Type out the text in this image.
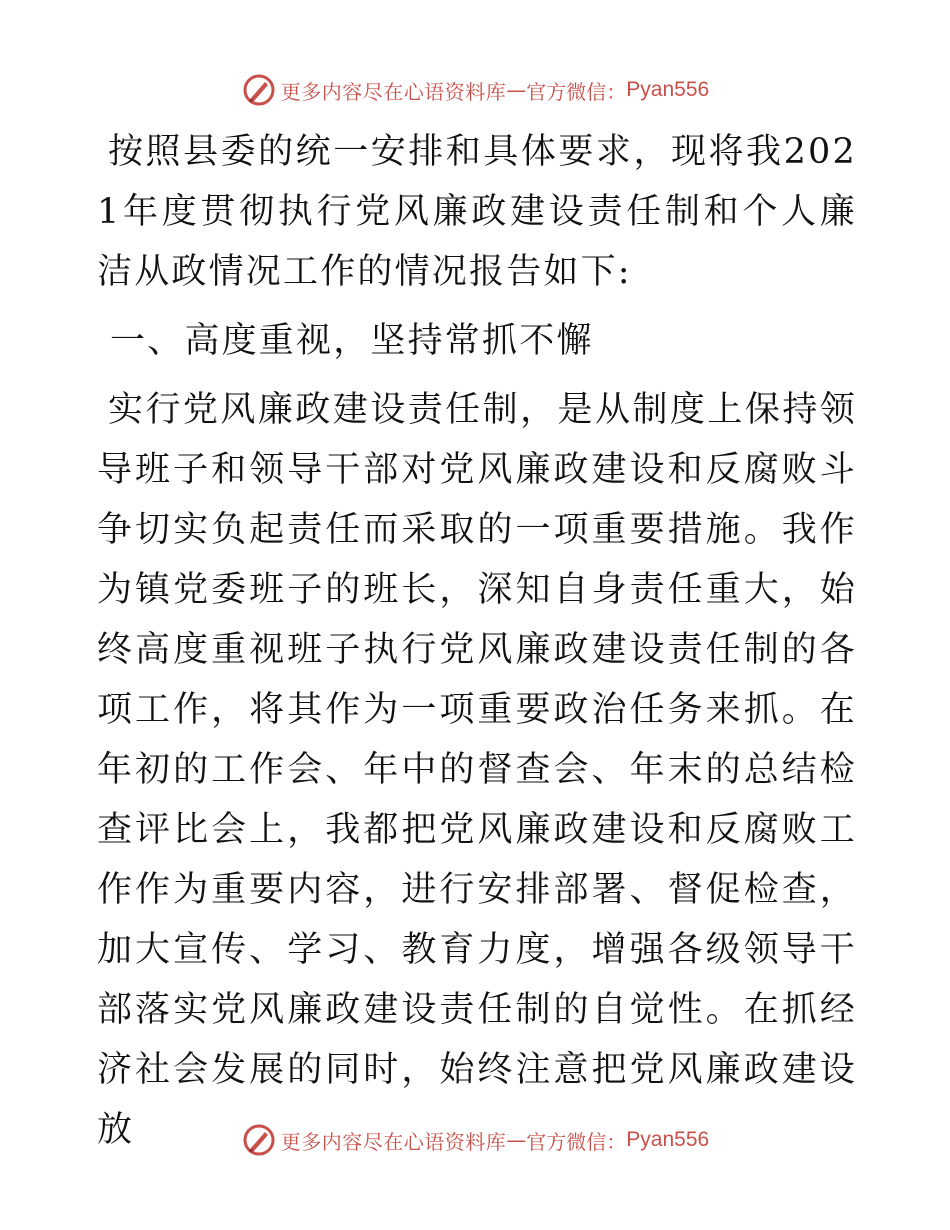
更多内容尽在心语资料库 — 官方微信： Pyan556

按照县委的统一安排和具体要求，现将我2021年度贯彻执行党风廉政建设责任制和个人廉洁从政情况工作的情况报告如下:

一、高度重视，坚持常抓不懈

实行党风廉政建设责任制，是从制度上保持领导班子和领导干部对党风廉政建设和反腐败斗争切实负起责任而采取的一项重要措施。我作为镇党委班子的班长，深知自身责任重大，始终高度重视班子执行党风廉政建设责任制的各项工作，将其作为一项重要政治任务来抓。在年初的工作会、年中的督查会、年末的总结检查评比会上，我都把党风廉政建设和反腐败工作作为重要内容，进行安排部署、督促检查，加大宣传、学习、教育力度，增强各级领导干部落实党风廉政建设责任制的自觉性。在抓经济社会发展的同时，始终注意把党风廉政建设放	更多内容尽在心语资料库 — 官方微信： Pyan556
